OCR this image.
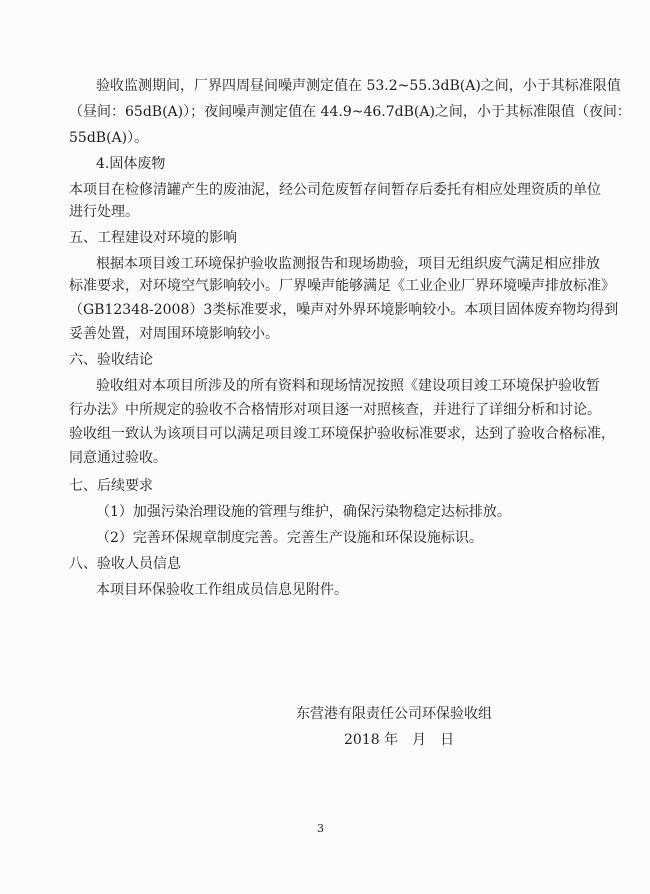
验收监测期间，厂界四周昼间噪声测定值在 53.2~55.3dB(A)之间，小于其标准限值
（昼间：65dB(A)）；夜间噪声测定值在 44.9~46.7dB(A)之间，小于其标准限值（夜间：
55dB(A)）。
4.固体废物
本项目在检修清罐产生的废油泥，经公司危废暂存间暂存后委托有相应处理资质的单位
进行处理。
五、工程建设对环境的影响
根据本项目竣工环境保护验收监测报告和现场勘验，项目无组织废气满足相应排放
标准要求，对环境空气影响较小。厂界噪声能够满足《工业企业厂界环境噪声排放标准》
（GB12348-2008）3类标准要求，噪声对外界环境影响较小。本项目固体废弃物均得到
妥善处置，对周围环境影响较小。
六、验收结论
验收组对本项目所涉及的所有资料和现场情况按照《建设项目竣工环境保护验收暂
行办法》中所规定的验收不合格情形对项目逐一对照核查，并进行了详细分析和讨论。
验收组一致认为该项目可以满足项目竣工环境保护验收标准要求，达到了验收合格标准，
同意通过验收。
七、后续要求
（1）加强污染治理设施的管理与维护，确保污染物稳定达标排放。
（2）完善环保规章制度完善。完善生产设施和环保设施标识。
八、验收人员信息
本项目环保验收工作组成员信息见附件。
东营港有限责任公司环保验收组
2018 年　月　日
3
